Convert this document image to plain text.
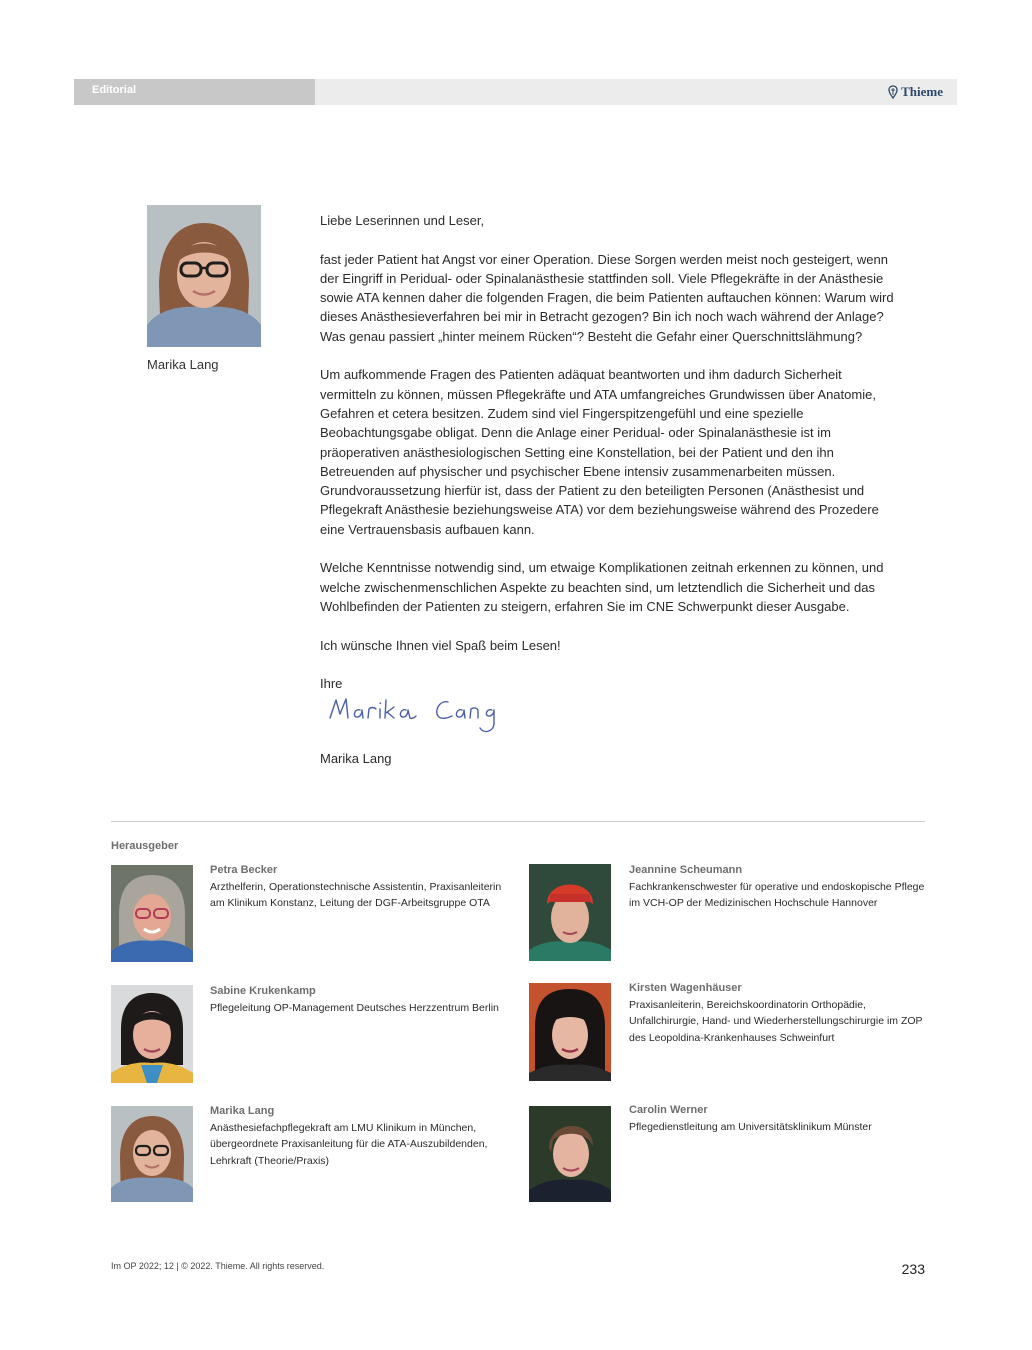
Editorial	Thieme
Marika Lang

Liebe Leserinnen und Leser,

fast jeder Patient hat Angst vor einer Operation. Diese Sorgen werden meist noch gesteigert, wenn der Eingriff in Peridual- oder Spinalanästhesie stattfinden soll. Viele Pflegekräfte in der Anästhesie sowie ATA kennen daher die folgenden Fragen, die beim Patienten auftauchen können: Warum wird dieses Anästhesieverfahren bei mir in Betracht gezogen? Bin ich noch wach während der Anlage? Was genau passiert „hinter meinem Rücken“? Besteht die Gefahr einer Querschnittslähmung?

Um aufkommende Fragen des Patienten adäquat beantworten und ihm dadurch Sicherheit vermitteln zu können, müssen Pflegekräfte und ATA umfangreiches Grundwissen über Anatomie, Gefahren et cetera besitzen. Zudem sind viel Fingerspitzengefühl und eine spezielle Beobachtungsgabe obligat. Denn die Anlage einer Peridual- oder Spinalanästhesie ist im präoperativen anästhesiologischen Setting eine Konstellation, bei der Patient und den ihn Betreuenden auf physischer und psychischer Ebene intensiv zusammenarbeiten müssen. Grundvoraussetzung hierfür ist, dass der Patient zu den beteiligten Personen (Anästhesist und Pflegekraft Anästhesie beziehungsweise ATA) vor dem beziehungsweise während des Prozedere eine Vertrauensbasis aufbauen kann.

Welche Kenntnisse notwendig sind, um etwaige Komplikationen zeitnah erkennen zu können, und welche zwischenmenschlichen Aspekte zu beachten sind, um letztendlich die Sicherheit und das Wohlbefinden der Patienten zu steigern, erfahren Sie im CNE Schwerpunkt dieser Ausgabe.

Ich wünsche Ihnen viel Spaß beim Lesen!

Ihre

Marika Lang
Herausgeber
Petra Becker
Arzthelferin, Operationstechnische Assistentin, Praxisanleiterin am Klinikum Konstanz, Leitung der DGF-Arbeitsgruppe OTA
Sabine Krukenkamp
Pflegeleitung OP-Management Deutsches Herzzentrum Berlin
Marika Lang
Anästhesiefachpflegekraft am LMU Klinikum in München, übergeordnete Praxisanleitung für die ATA-Auszubildenden, Lehrkraft (Theorie/Praxis)
Jeannine Scheumann
Fachkrankenschwester für operative und endoskopische Pflege im VCH-OP der Medizinischen Hochschule Hannover
Kirsten Wagenhäuser
Praxisanleiterin, Bereichskoordinatorin Orthopädie, Unfallchirurgie, Hand- und Wiederherstellungschirurgie im ZOP des Leopoldina-Krankenhauses Schweinfurt
Carolin Werner
Pflegedienstleitung am Universitätsklinikum Münster
Im OP 2022; 12 | © 2022. Thieme. All rights reserved.	233
